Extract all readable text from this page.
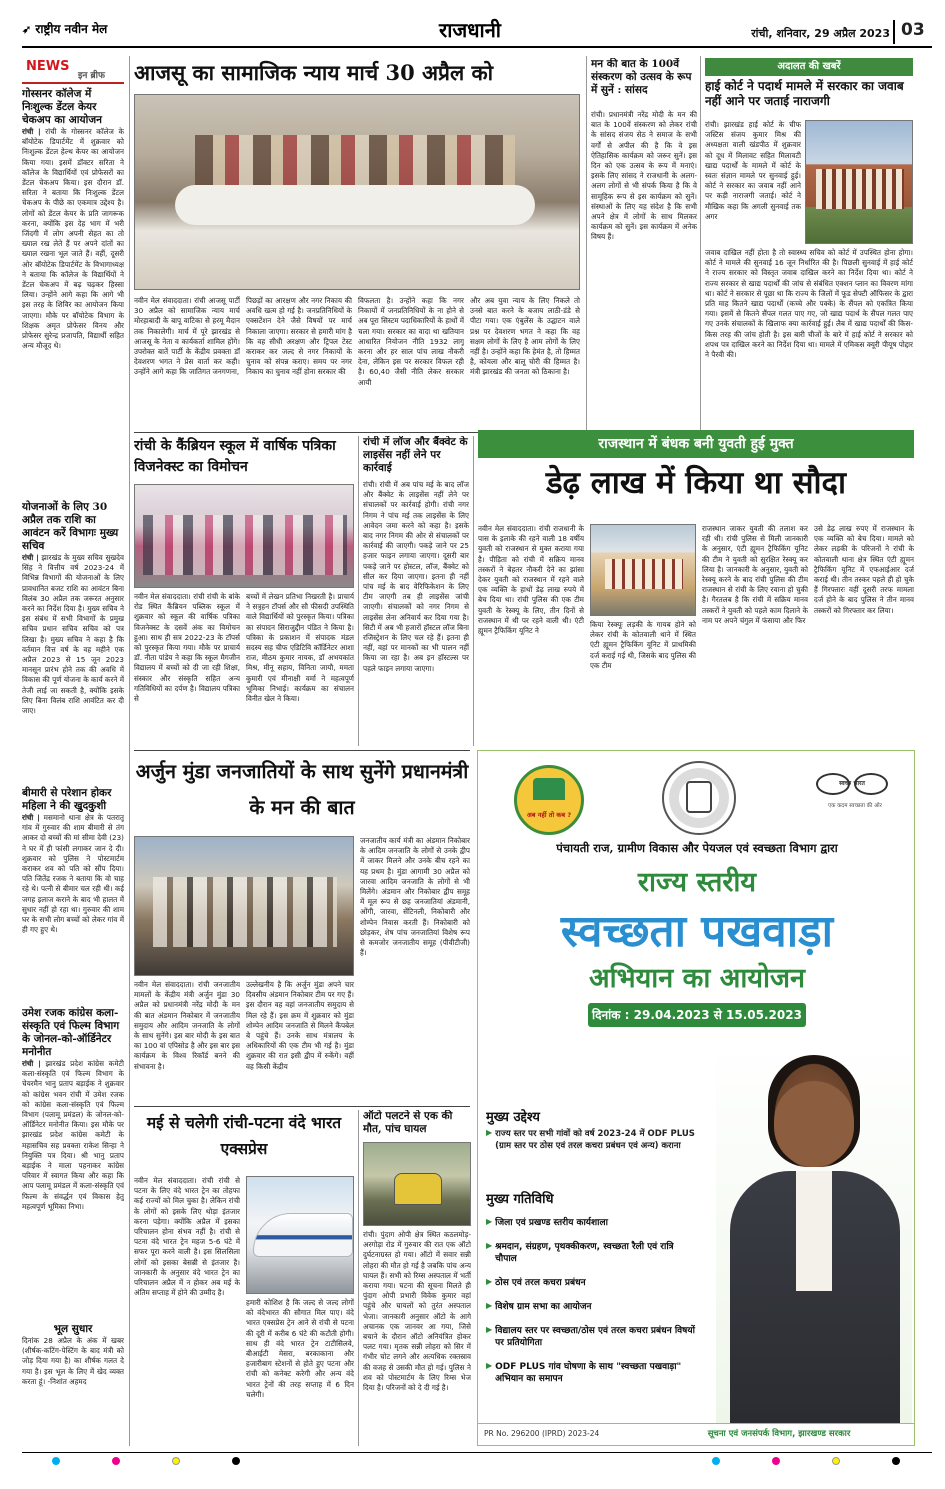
➶ राष्ट्रीय नवीन मेल	राजधानी	रांची, शनिवार, 29 अप्रैल 2023 03
NEWS
इन ब्रीफ
गोस्सनर कॉलेज में निःशुल्क डेंटल केयर चेकअप का आयोजन
रांची | रांची के गोस्सनर कॉलेज के बॉयोटेक डिपार्टमेंट में शुक्रवार को निःशुल्क डेंटल हेल्थ केयर का आयोजन किया गया। इसमें डॉक्टर सरिता ने कॉलेज के विद्यार्थियों एवं प्रोफेसरों का डेंटल चेकअप किया। इस दौरान डॉ. सरिता ने बताया कि निःशुल्क डेंटल चेकअप के पीछे का एकमात्र उद्देश्य है। लोगों को डेंटल केयर के प्रति जागरूक करना, क्योंकि इस देह भाग में भरी जिंदगी में लोग अपनी सेहत का तो ख्याल रख लेते हैं पर अपने दांतों का ख्याल रखना भूल जाते हैं। वहीं, दूसरी ओर बॉयोटेक डिपार्टमेंट के विभागाध्यक्ष ने बताया कि कॉलेज के विद्यार्थियों ने डेंटल चेकअप में बढ़ चढ़कर हिस्सा लिया। उन्होंने आगे कहा कि आगे भी इस तरह के शिविर का आयोजन किया जाएगा। मौके पर बॉयोटेक विभाग के शिक्षक अमृत प्रोफेसर विनय और प्रोफेसर सुरेन्द्र प्रजापति, विद्यार्थी सहित अन्य मौजूद थे।
योजनाओं के लिए 30 अप्रैल तक राशि का आवंटन करें विभागः मुख्य सचिव
रांची | झारखंड के मुख्य सचिव सुखदेव सिंह ने वित्तीय वर्ष 2023-24 में विभिन्न विभागों की योजनाओं के लिए प्रावधानित बजट राशि का आवंटन बिना विलंब 30 अप्रैल तक जरूरत अनुसार करने का निर्देश दिया है। मुख्य सचिव ने इस संबंध में सभी विभागों के प्रमुख सचिव प्रधान सचिव सचिव को पत्र लिखा है। मुख्य सचिव ने कहा है कि वर्तमान वित्त वर्ष के वह महीने एक अप्रैल 2023 से 15 जून 2023 मानसून प्रारंभ होने तक की अवधि में विकास की पूर्ण योजना के कार्य करने में तेजी लाई जा सकती है, क्योंकि इसके लिए बिना विलंब राशि आवंटित कर दी जाए।
बीमारी से परेशान होकर महिला ने की खुदकुशी
रांची | मसमानो थाना क्षेत्र के पतरातू गांव में गुरुवार की शाम बीमारी से तंग आकर दो बच्चों की मां सीमा देवी (23) ने घर में ही फांसी लगाकर जान दे दी। शुक्रवार को पुलिस ने पोस्टमार्टम कराकर शव को पति को सौंप दिया। पति जितेंद्र रजक ने बताया कि वो चाह रहे थे। पत्नी से बीमार चल रही थी। कई जगह इलाज कराने के बाद भी हालत में सुधार नहीं हो रहा था। गुरुवार की शाम घर के सभी लोग बच्चों को लेकर गांव में ही गए हुए थे।
उमेश रजक कांग्रेस कला-संस्कृति एवं फिल्म विभाग के जोनल-को-ऑर्डिनेटर मनोनीत
रांची | झारखंड प्रदेश कांग्रेस कमेटी कला-संस्कृति एवं फिल्म विभाग के चेयरमैन भानु प्रताप बड़ाईक ने शुक्रवार को कांग्रेस भवन रांची में उमेश रजक को कांग्रेस कला-संस्कृति एवं फिल्म विभाग (पलामू प्रमंडल) के जोनल-को-ऑर्डिनेटर मनोनीत किया। इस मौके पर झारखंड प्रदेश कांग्रेस कमेटी के महासचिव सह प्रवक्ता राकेश सिन्हा ने नियुक्ति पत्र दिया। श्री भानु प्रताप बड़ाईक ने माला पहनाकर कांग्रेस परिवार में स्वागत किया और कहा कि आप पलामू प्रमंडल में कला-संस्कृति एवं फिल्म के संवर्द्धन एवं विकास हेतु महत्वपूर्ण भूमिका निभा।
भूल सुधार
दिनांक 28 अप्रैल के अंक में खबर (शीर्षक-कटिंग-पेस्टिंग के बाद मंत्री को जोड़ दिया गया है) का शीर्षक गलत दे गया है। इस भूल के लिए में खेद व्यक्त करता हूं। -निशांत अहमद
आजसू का सामाजिक न्याय मार्च 30 अप्रैल को
नवीन मेल संवाददाता। रांची आजसू पार्टी 30 अप्रैल को सामाजिक न्याय मार्च मोरहाबादी के बापू वाटिका से हरमू मैदान तक निकालेगी। मार्च में पूरे झारखंड से आजसू के नेता व कार्यकर्ता शामिल होंगे। उपरोक्त बातें पार्टी के केंद्रीय प्रवक्ता डॉ देवशरण भगत ने प्रेस वार्ता कर कही। उन्होंने आगे कहा कि जातिगत जनगणना,
पिछड़ों का आरक्षण और नगर निकाय की अवधि खत्म हो गई है। जनप्रतिनिधियों के एक्सटेंशन देने जैसे विषयों पर मार्च निकाला जाएगा। सरकार से हमारी मांग है कि वह सीधी अरक्षण और ट्रिपल टेस्ट कराकर कर जल्द से नगर निकायों के चुनाव को संपन्न कराए। समय पर नगर निकाय का चुनाव नहीं होना सरकार की
विफलता है। उन्होंने कहा कि नगर निकायों में जनप्रतिनिधियों के ना होने से अब पूरा सिस्टम पदाधिकारियों के हाथों में चला गया। सरकार का वादा था खतियान आधारित नियोजन नीति 1932 लागू करना और हर साल पांच लाख नौकरी देना, लेकिन इस पर सरकार विफल रही है। 60,40 जैसी नीति लेकर सरकार आयी
और अब युवा न्याय के लिए निकले तो उनसे बात करने के बजाय लाठी-डंडे से पीटा गया। एक एंबुलेंस के उद्घाटन वाले प्रश्न पर देवशरण भगत ने कहा कि वह सक्षम लोगों के लिए है आम लोगों के लिए नहीं है। उन्होंने कहा कि हेमंत है, तो हिम्मत है, कोयला और बालू चोरी की हिम्मत है। मंत्री झारखंड की जनता को ठिकाना है।
मन की बात के 100वें संस्करण को उत्सव के रूप में सुनें : सांसद
रांची। प्रधानमंत्री नरेंद्र मोदी के मन की बात के 100वें संस्करण को लेकर रांची के सांसद संजय सेठ ने समाज के सभी वर्गों से अपील की है कि वे इस ऐतिहासिक कार्यक्रम को जरूर सुनें। इस दिन को एक उत्सव के रूप में मनाएं। इसके लिए सांसद ने राजधानी के अलग-अलग लोगों से भी संपर्क किया है कि वे सामूहिक रूप से इस कार्यक्रम को सुनें। संस्थाओं के लिए यह संदेश है कि सभी अपने क्षेत्र में लोगों के साथ मिलकर कार्यक्रम को सुनें। इस कार्यक्रम में अनेक विषय हैं।
अदालत की खबरें
हाई कोर्ट ने पदार्थ मामले में सरकार का जवाब नहीं आने पर जताई नाराजगी
रांची। झारखंड हाई कोर्ट के चीफ जस्टिस संजय कुमार मिश्र की अध्यक्षता वाली खंडपीठ में शुक्रवार को दूध में मिलावट सहित मिलावटी खाद्य पदार्थों के मामले में कोर्ट के स्वतः संज्ञान मामले पर सुनवाई हुई। कोर्ट ने सरकार का जवाब नहीं आने पर कड़ी नाराजगी जताई। कोर्ट ने मौखिक कहा कि अगली सुनवाई तक अगर
जवाब दाखिल नहीं होता है तो स्वास्थ्य सचिव को कोर्ट में उपस्थित होना होगा। कोर्ट ने मामले की सुनवाई 16 जून निर्धारित की है। पिछली सुनवाई में हाई कोर्ट ने राज्य सरकार को विस्तृत जवाब दाखिल करने का निर्देश दिया था। कोर्ट ने राज्य सरकार से खाद्य पदार्थों की जांच से संबंधित एक्शन प्लान का विवरण मांगा था। कोर्ट ने सरकार से पूछा था कि राज्य के जिलों में फूड सेफ्टी ऑफिसर के द्वारा प्रति माह कितने खाद्य पदार्थों (कच्चे और पक्के) के सैंपल को एकत्रित किया गया। इसमें से कितने सैंपल गलत पाए गए, जो खाद्य पदार्थ के सैंपल गलत पाए गए उनके संचालकों के खिलाफ क्या कार्रवाई हुई। लैब में खाद्य पदार्थों की किस-किस तरह की जांच होती है। इस बारी चीजों के बारे में हाई कोर्ट ने सरकार को शपथ पत्र दाखिल करने का निर्देश दिया था। मामले में एमिकस क्यूरी पीयूष पोद्दार ने पैरवी की।
रांची के कैंब्रियन स्कूल में वार्षिक पत्रिका विजनेक्स्ट का विमोचन
नवीन मेल संवाददाता। रांची रांची के बांके रोड स्थित कैंब्रियन पब्लिक स्कूल में शुक्रवार को स्कूल की वार्षिक पत्रिका विजनेक्स्ट के दसवें अंक का विमोचन हुआ। साथ ही सत्र 2022-23 के टॉपर्स को पुरस्कृत किया गया। मौके पर प्राचार्य डॉ. नीता पांडेय ने कहा कि स्कूल मैगजीन विद्यालय में बच्चों को दी जा रही शिक्षा, संस्कार और संस्कृति सहित अन्य गतिविधियों का दर्पण है। विद्यालय पत्रिका से
बच्चों में लेखन प्रतिभा निखरती है। प्राचार्य ने सत्र्रहन टॉपर्स और सौ फीसदी उपस्थिति वाले विद्यार्थियों को पुरस्कृत किया। पत्रिका का संपादन सिराजुद्दीन पंडित ने किया है। पत्रिका के प्रकाशन में संपादक मंडल सदस्य सह चीफ एडिटिवि कॉर्डिनेटर आशा राज, मीठम कुमार नायक, डॉ अभयकांत मिश्र, मीनू सहाय, विनिता जायौ, ममता कुमारी एवं मीनाक्षी वर्मा ने महत्वपूर्ण भूमिका निभाई। कार्यक्रम का संचालन विनीत खेल ने किया।
रांची में लॉज और बैंक्वेट के लाइसेंस नहीं लेने पर कार्रवाई
रांची। रांची में अब पांच मई के बाद लॉज और बैंक्वेट के लाइसेंस नहीं लेने पर संचालकों पर कार्रवाई होगी। रांची नगर निगम ने पांच मई तक लाइसेंस के लिए आवेदन जमा करने को कहा है। इसके बाद नगर निगम की ओर से संचालकों पर कार्रवाई की जाएगी। पकड़े जाने पर 25 हजार फाइन लगाया जाएगा। दूसरी बार पकड़े जाने पर होस्टल, लॉज, बैंक्वेट को सील कर दिया जाएगा। इतना ही नहीं पांच मई के बाद वेरिफिकेशन के लिए टीम जाएगी तब ही लाइसेंस जांची जाएगी। संचालकों को नगर निगम से लाइसेंस लेना अनिवार्य कर दिया गया है। सिटी में अब भी हजारों हॉस्टल लॉज बिना रजिस्ट्रेशन के लिए चल रहे हैं। इतना ही नहीं, वहां पर मानकों का भी पालन नहीं किया जा रहा है। अब इन हॉस्टल्स पर पहले फाइन लगाया जाएगा।
राजस्थान में बंधक बनी युवती हुई मुक्त
डेढ़ लाख में किया था सौदा
नवीन मेल संवाददाता। रांची राजधानी के पास के इलाके की रहने वाली 18 वर्षीय युवती को राजस्थान से मुक्त कराया गया है। पीड़िता को रांची में सक्रिय मानव तस्करों ने बेहतर नौकरी देने का झांसा देकर युवती को राजस्थान में रहने वाले एक व्यक्ति के हाथों डेढ़ लाख रुपये में बेच दिया था। रांची पुलिस की एक टीम युवती के रेस्क्यू के लिए, तीन दिनों से राजस्थान में थी पर रहने वाली थी। एंटी ह्यूमन ट्रैफिकिंग यूनिट ने
किया रेस्क्यूः लड़की के गायब होने को लेकर रांची के कोतवाली थाने में स्थित एंटी ह्यूमन ट्रैफिकिंग यूनिट में प्राथमिकी दर्ज कराई गई थी, जिसके बाद पुलिस की एक टीम
राजस्थान जाकर युवती की तलाश कर रही थी। रांची पुलिस से मिली जानकारी के अनुसार, एंटी ह्यूमन ट्रैफिकिंग यूनिट की टीम ने युवती को सुरक्षित रेस्क्यू कर लिया है। जानकारी के अनुसार, युवती को रेस्क्यू करने के बाद रांची पुलिस की टीम राजस्थान से रांची के लिए रवाना हो चुकी है। गैरतलब है कि रांची में सक्रिय मानव तस्करों ने युवती को पहले काम दिलाने के नाम पर अपने चंगुल में फंसाया और फिर
उसे डेढ़ लाख रुपए में राजस्थान के एक व्यक्ति को बेच दिया। मामले को लेकर लड़की के परिजनों ने रांची के कोतवाली थाना क्षेत्र स्थित एंटी ह्यूमन ट्रैफिकिंग यूनिट में एफआईआर दर्ज कराई थी। तीन तस्कर पहले ही हो चुके हैं गिरफ्तारः वहीं दूसरी तरफ मामला दर्ज होने के बाद पुलिस ने तीन मानव तस्करों को गिरफ्तार कर लिया।
अर्जुन मुंडा जनजातियों के साथ सुनेंगे प्रधानमंत्री के मन की बात
नवीन मेल संवाददाता। रांची जनजातीय मामलों के केंद्रीय मंत्री अर्जुन मुंडा 30 अप्रैल को प्रधानमंत्री नरेंद्र मोदी के मन की बात अंडमान निकोबार में जनजातीय समुदाय और आदिम जनजाति के लोगों के साथ सुनेंगे। इस बार मोदी के इस बात का 100 वां एपिसोड है और इस बार इस कार्यक्रम के विश्व रिकॉर्ड बनने की संभावना है।
उल्लेखनीय है कि अर्जुन मुंडा अपने चार दिवसीय अंडमान निकोबार टीम पर गए हैं। इस दौरान वह वहां जनजातीय समुदाय से मिल रहे हैं। इस क्रम में शुक्रवार को मुंडा शोम्पेन आदिम जनजाति से मिलने कैंपबेल बे पहुंचे हैं। उनके साथ मंत्रालय के अधिकारियों की एक टीम भी गई है। मुंडा शुक्रवार की रात इसी द्वीप में रुकेंगे। वहीं वह किसी केंद्रीय
जनजातीय कार्य मंत्री का अंडमान निकोबार के आदिम जनजाति के लोगों से उनके द्वीप में जाकर मिलने और उनके बीच रहने का यह प्रथम है। मुंडा आगामी 30 अप्रैल को जारवा आदिम जनजाति के लोगों से भी मिलेंगे। अंडमान और निकोबार द्वीप समूह में मूल रूप से छह जनजातियां अंडमानी, ओंगी, जारवा, सेंटिनली, निकोबारी और शोम्पेन निवास करती हैं। निकोबारी को छोड़कर, शेष पांच जनजातियां विशेष रूप से कमजोर जनजातीय समूह (पीवीटीजी) हैं।
मई से चलेगी रांची-पटना वंदे भारत एक्सप्रेस
नवीन मेल संवाददाता। रांची रांची से पटना के लिए वंदे भारत ट्रेन का तोहफा कई राज्यों को मिल चुका है। लेकिन रांची के लोगों को इसके लिए थोड़ा इंतजार करना पड़ेगा। क्योंकि अप्रैल में इसका परिचालन होना संभव नहीं है। रांची से पटना वंदे भारत ट्रेन महज 5-6 घंटे में सफर पूरा करने वाली है। इस सिलसिला लोगों को इसका बेसब्री से इंतजार है। जानकारी के अनुसार वंदे भारत ट्रेन का परिचालन अप्रैल में न होकर अब मई के अंतिम सप्ताह में होने की उम्मीद है।
हमारी कोशिश है कि जल्द से जल्द लोगों को वंदेभारत की सौगात मिल पाए। वंदे भारत एक्सप्रेस ट्रेन आने से रांची से पटना की दूरी में करीब 6 घंटे की कटौती होगी। साथ ही वंदे भारत ट्रेन टाटीसिलवे, बीआईटी मेसरा, बरकाकाना और हजारीबाग स्टेशनों से होते हुए पटना और रांची को कनेक्ट करेगी और अन्य वंदे भारत ट्रेनों की तरह सप्ताह में 6 दिन चलेगी।
ऑटो पलटने से एक की मौत, पांच घायल
रांची। पुंदाग ओपी क्षेत्र स्थित कठलमोड़-अरगोड़ा रोड में गुरुवार की रात एक ऑटो दुर्घटनाग्रस्त हो गया। ऑटो में सवार सन्नी लोहरा की मौत हो गई है जबकि पांच अन्य घायल हैं। सभी को रिम्स अस्पताल में भर्ती कराया गया। घटना की सूचना मिलते ही पुंदाग ओपी प्रभारी विवेक कुमार वहां पहुंचे और घायलों को तुरंत अस्पताल भेजा। जानकारी अनुसार ऑटो के आगे अचानक एक जानवर आ गया, जिसे बचाने के दौरान ऑटो अनियंत्रित होकर पलट गया। मृतक सन्नी लोहरा को सिर में गंभीर चोट लगने और अत्यधिक रक्तस्राव की वजह से उसकी मौत हो गई। पुलिस ने शव को पोस्टमार्टम के लिए रिम्स भेज दिया है। परिजनों को दे दी गई है।
अब नहीं तो कब ?
स्वच्छ भारत
एक कदम स्वच्छता की ओर
पंचायती राज, ग्रामीण विकास और पेयजल एवं स्वच्छता विभाग द्वारा
राज्य स्तरीय
स्वच्छता पखवाड़ा
अभियान का आयोजन
दिनांक : 29.04.2023 से 15.05.2023
मुख्य उद्देश्य
▶ राज्य स्तर पर सभी गांवों को वर्ष 2023-24 में ODF PLUS (ग्राम स्तर पर ठोस एवं तरल कचरा प्रबंधन एवं अन्य) कराना
मुख्य गतिविधि
▶ जिला एवं प्रखण्ड स्तरीय कार्यशाला
▶ श्रमदान, संग्रहण, पृथक्कीकरण, स्वच्छता रैली एवं रात्रि चौपाल
▶ ठोस एवं तरल कचरा प्रबंधन
▶ विशेष ग्राम सभा का आयोजन
▶ विद्यालय स्तर पर स्वच्छता/ठोस एवं तरल कचरा प्रबंधन विषयों पर प्रतियोगिता
▶ ODF PLUS गांव घोषणा के साथ "स्वच्छता पखवाड़ा" अभियान का समापन
PR No. 296200 (IPRD) 2023-24	सूचना एवं जनसंपर्क विभाग, झारखण्ड सरकार
